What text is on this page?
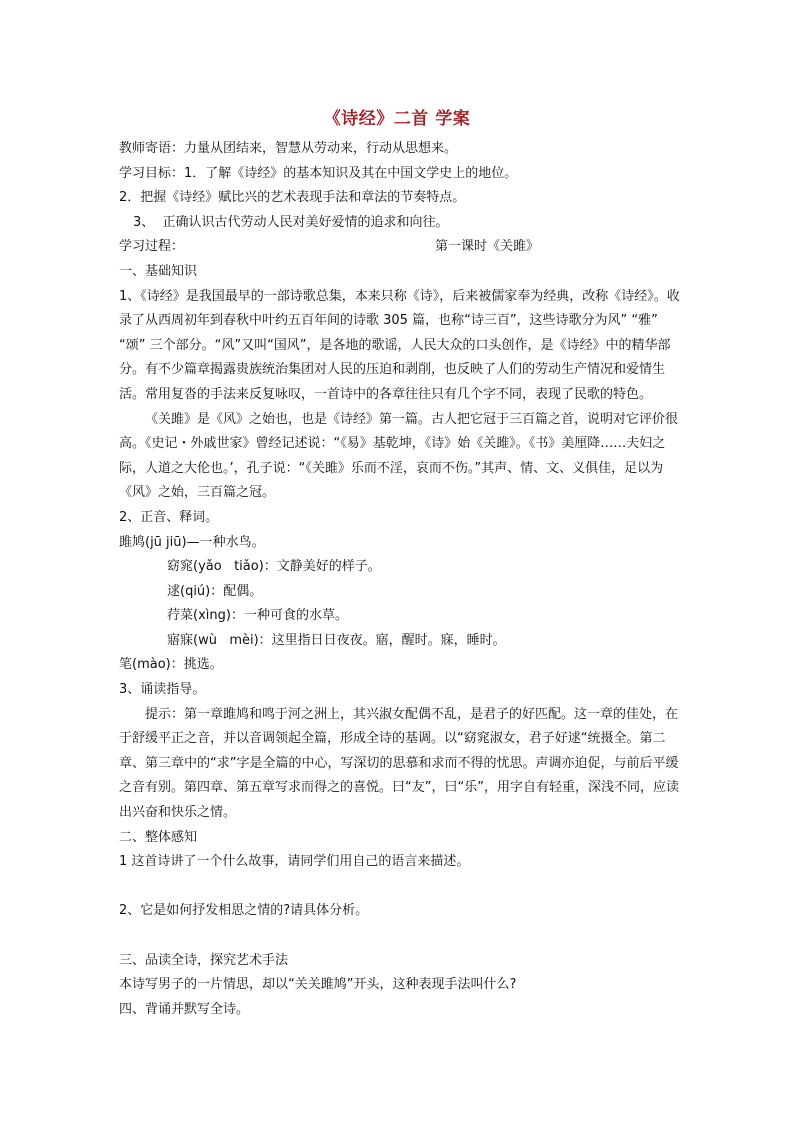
《诗经》二首 学案

教师寄语：力量从团结来，智慧从劳动来，行动从思想来。

学习目标：1．了解《诗经》的基本知识及其在中国文学史上的地位。

2．把握《诗经》赋比兴的艺术表现手法和章法的节奏特点。

3、  正确认识古代劳动人民对美好爱情的追求和向往。

学习过程：	第一课时《关雎》

一、基础知识

1、《诗经》是我国最早的一部诗歌总集，本来只称《诗》，后来被儒家奉为经典，改称《诗经》。收录了从西周初年到春秋中叶约五百年间的诗歌 305 篇，也称“诗三百”，这些诗歌分为风” “雅” “颂” 三个部分。“风”又叫“国风”，是各地的歌谣，人民大众的口头创作，是《诗经》中的精华部分。有不少篇章揭露贵族统治集团对人民的压迫和剥削，也反映了人们的劳动生产情况和爱情生活。常用复沓的手法来反复咏叹，一首诗中的各章往往只有几个字不同，表现了民歌的特色。

《关雎》是《风》之始也，也是《诗经》第一篇。古人把它冠于三百篇之首，说明对它评价很高。《史记・外戚世家》曾经记述说：“《易》基乾坤，《诗》始《关雎》。《书》美厘降……夫妇之际，人道之大伦也。’，孔子说：“《关雎》乐而不淫，哀而不伤。”其声、情、文、义俱佳，足以为《风》之始，三百篇之冠。

2、正音、释词。

雎鸠(jū jiū)—一种水鸟。

窈窕(yǎo   tiǎo)：文静美好的样子。

逑(qiú)：配偶。

荇菜(xìng)：一种可食的水草。

寤寐(wù   mèi)：这里指日日夜夜。寤，醒时。寐，睡时。

笔(mào)：挑选。

3、诵读指导。

提示：第一章雎鸠和鸣于河之洲上，其兴淑女配偶不乱，是君子的好匹配。这一章的佳处，在于舒缓平正之音，并以音调领起全篇，形成全诗的基调。以“窈窕淑女，君子好逑“统摄全。第二章、第三章中的“求”字是全篇的中心，写深切的思慕和求而不得的忧思。声调亦迫促，与前后平缓之音有别。第四章、第五章写求而得之的喜悦。曰“友”，曰“乐”，用字自有轻重，深浅不同，应读出兴奋和快乐之情。

二、整体感知

1 这首诗讲了一个什么故事，请同学们用自己的语言来描述。

2、它是如何抒发相思之情的?请具体分析。

三、品读全诗，探究艺术手法

本诗写男子的一片情思，却以“关关雎鸠”开头，这种表现手法叫什么?

四、背诵并默写全诗。
